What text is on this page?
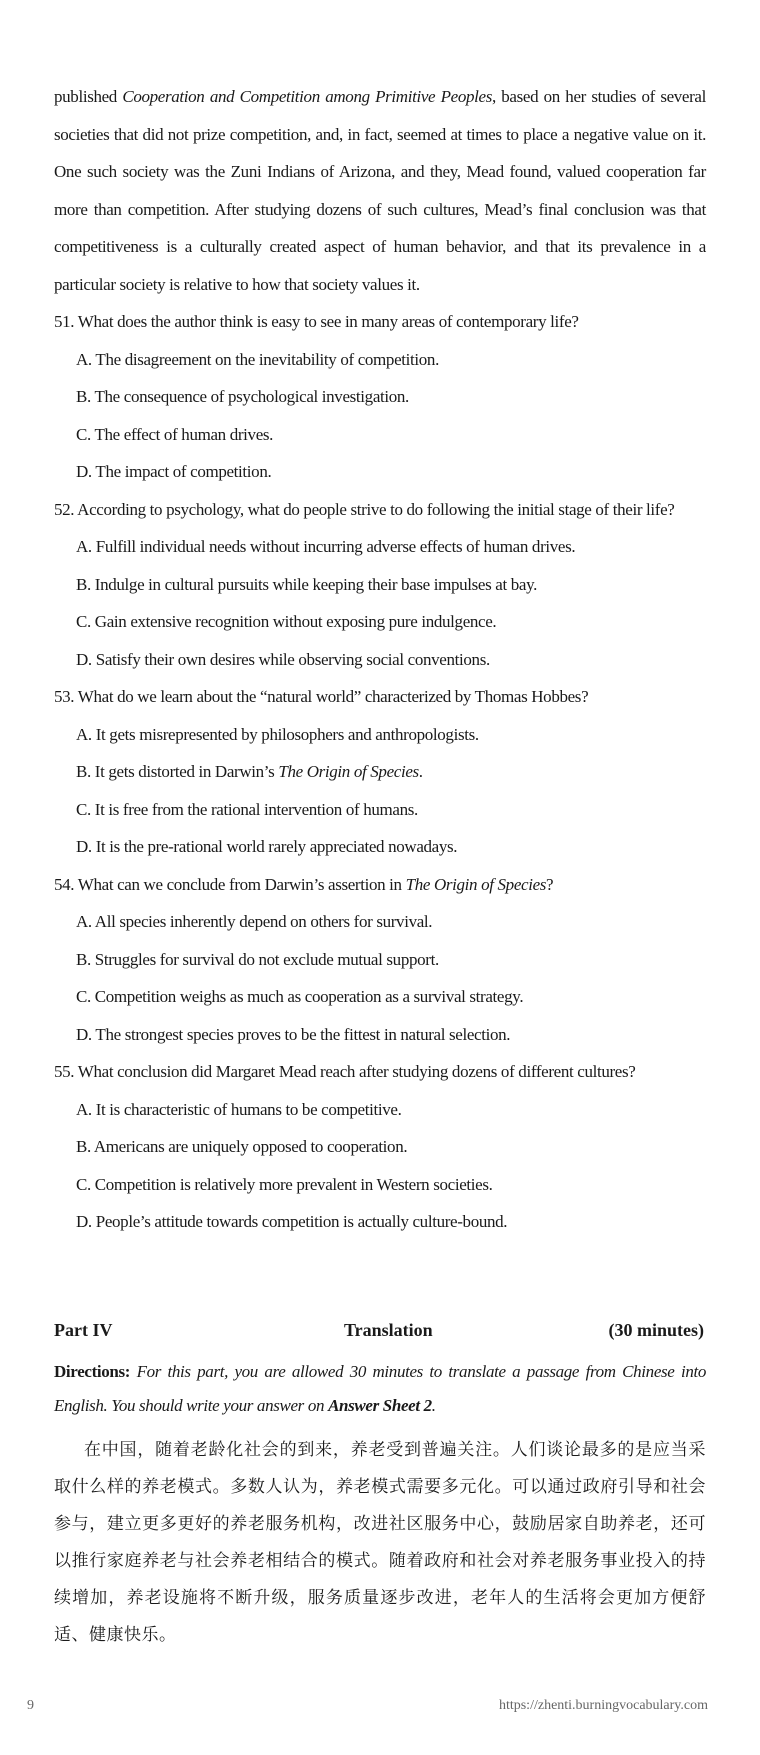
published Cooperation and Competition among Primitive Peoples, based on her studies of several societies that did not prize competition, and, in fact, seemed at times to place a negative value on it. One such society was the Zuni Indians of Arizona, and they, Mead found, valued cooperation far more than competition. After studying dozens of such cultures, Mead’s final conclusion was that competitiveness is a culturally created aspect of human behavior, and that its prevalence in a particular society is relative to how that society values it.

51. What does the author think is easy to see in many areas of contemporary life?

A. The disagreement on the inevitability of competition.

B. The consequence of psychological investigation.

C. The effect of human drives.

D. The impact of competition.

52. According to psychology, what do people strive to do following the initial stage of their life?

A. Fulfill individual needs without incurring adverse effects of human drives.

B. Indulge in cultural pursuits while keeping their base impulses at bay.

C. Gain extensive recognition without exposing pure indulgence.

D. Satisfy their own desires while observing social conventions.

53. What do we learn about the “natural world” characterized by Thomas Hobbes?

A. It gets misrepresented by philosophers and anthropologists.

B. It gets distorted in Darwin’s The Origin of Species.

C. It is free from the rational intervention of humans.

D. It is the pre-rational world rarely appreciated nowadays.

54. What can we conclude from Darwin’s assertion in The Origin of Species?

A. All species inherently depend on others for survival.

B. Struggles for survival do not exclude mutual support.

C. Competition weighs as much as cooperation as a survival strategy.

D. The strongest species proves to be the fittest in natural selection.

55. What conclusion did Margaret Mead reach after studying dozens of different cultures?

A. It is characteristic of humans to be competitive.

B. Americans are uniquely opposed to cooperation.

C. Competition is relatively more prevalent in Western societies.

D. People’s attitude towards competition is actually culture-bound.

Part IV	Translation	(30 minutes)

Directions: For this part, you are allowed 30 minutes to translate a passage from Chinese into English. You should write your answer on Answer Sheet 2.

在中国，随着老龄化社会的到来，养老受到普遍关注。人们谈论最多的是应当采取什么样的养老模式。多数人认为，养老模式需要多元化。可以通过政府引导和社会参与，建立更多更好的养老服务机构，改进社区服务中心，鼓励居家自助养老，还可以推行家庭养老与社会养老相结合的模式。随着政府和社会对养老服务事业投入的持续增加，养老设施将不断升级，服务质量逐步改进，老年人的生活将会更加方便舒适、健康快乐。

9	https://zhenti.burningvocabulary.com
